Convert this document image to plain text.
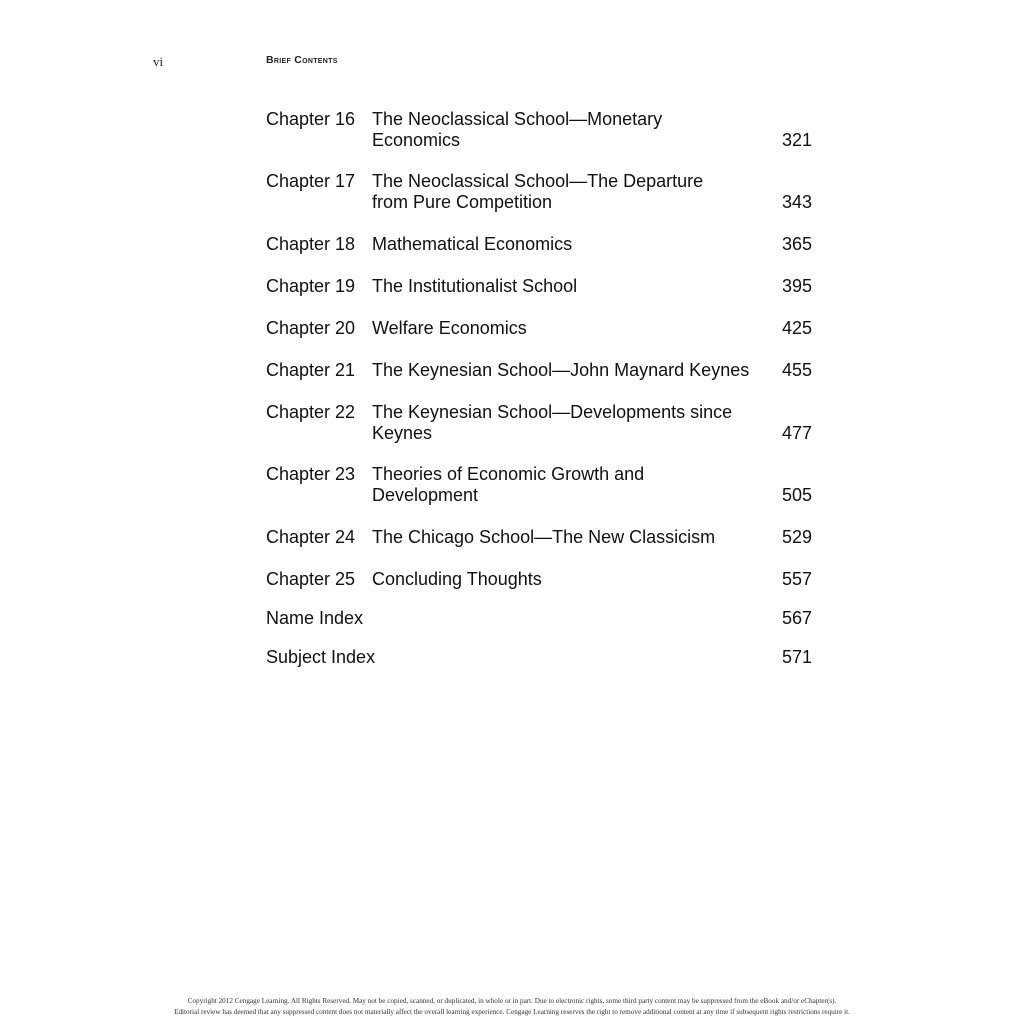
vi	Brief Contents
Chapter 16 The Neoclassical School—Monetary
Economics	321
Chapter 17 The Neoclassical School—The Departure
from Pure Competition	343
Chapter 18 Mathematical Economics	365
Chapter 19 The Institutionalist School	395
Chapter 20 Welfare Economics	425
Chapter 21 The Keynesian School—John Maynard Keynes 455
Chapter 22 The Keynesian School—Developments since
Keynes	477
Chapter 23 Theories of Economic Growth and
Development	505
Chapter 24 The Chicago School—The New Classicism	529
Chapter 25 Concluding Thoughts	557
Name Index	567
Subject Index	571
Copyright 2012 Cengage Learning. All Rights Reserved. May not be copied, scanned, or duplicated, in whole or in part. Due to electronic rights, some third party content may be suppressed from the eBook and/or eChapter(s).
Editorial review has deemed that any suppressed content does not materially affect the overall learning experience. Cengage Learning reserves the right to remove additional content at any time if subsequent rights restrictions require it.
